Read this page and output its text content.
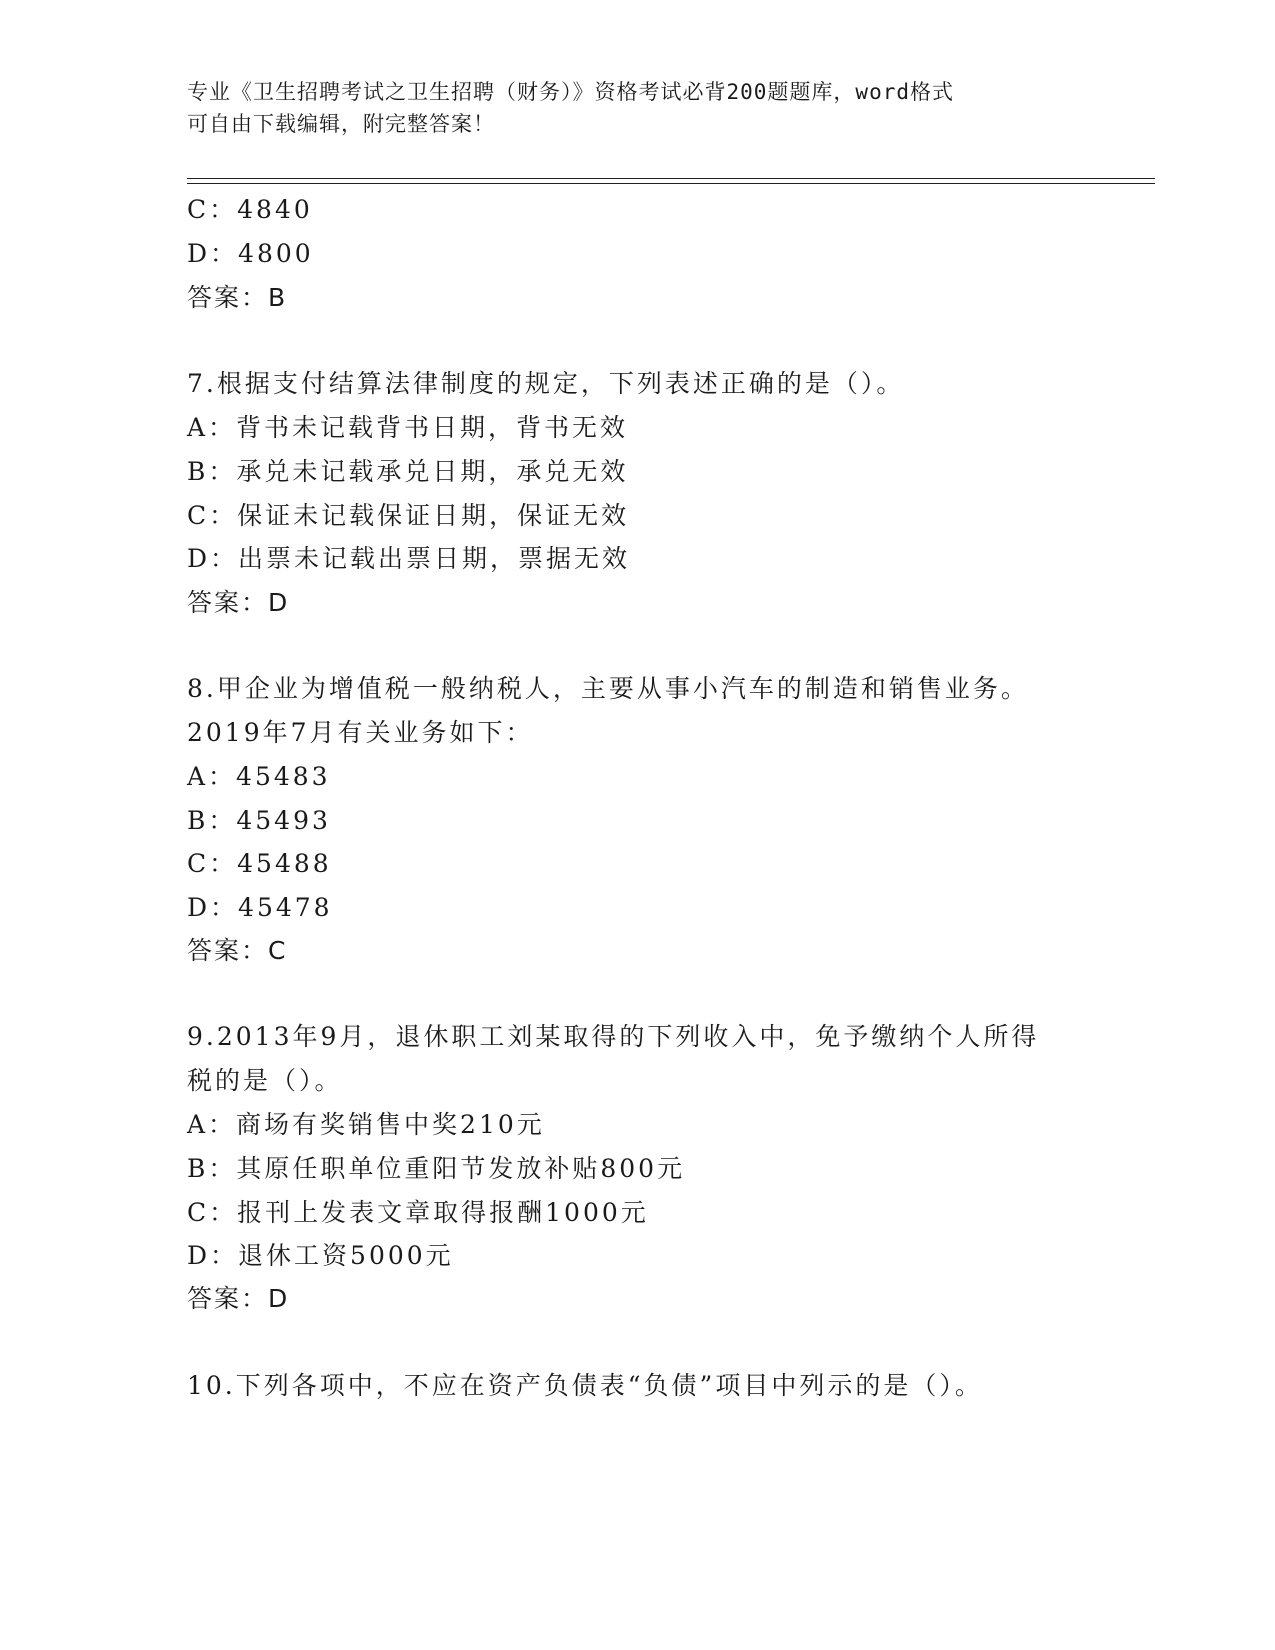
专业《卫生招聘考试之卫生招聘（财务）》资格考试必背200题题库，word格式
可自由下载编辑，附完整答案！
C：4840
D：4800
答案：B
7.根据支付结算法律制度的规定，下列表述正确的是（）。
A：背书未记载背书日期，背书无效
B：承兑未记载承兑日期，承兑无效
C：保证未记载保证日期，保证无效
D：出票未记载出票日期，票据无效
答案：D
8.甲企业为增值税一般纳税人，主要从事小汽车的制造和销售业务。
2019年7月有关业务如下：
A：45483
B：45493
C：45488
D：45478
答案：C
9.2013年9月，退休职工刘某取得的下列收入中，免予缴纳个人所得
税的是（）。
A：商场有奖销售中奖210元
B：其原任职单位重阳节发放补贴800元
C：报刊上发表文章取得报酬1000元
D：退休工资5000元
答案：D
10.下列各项中，不应在资产负债表“负债”项目中列示的是（）。
